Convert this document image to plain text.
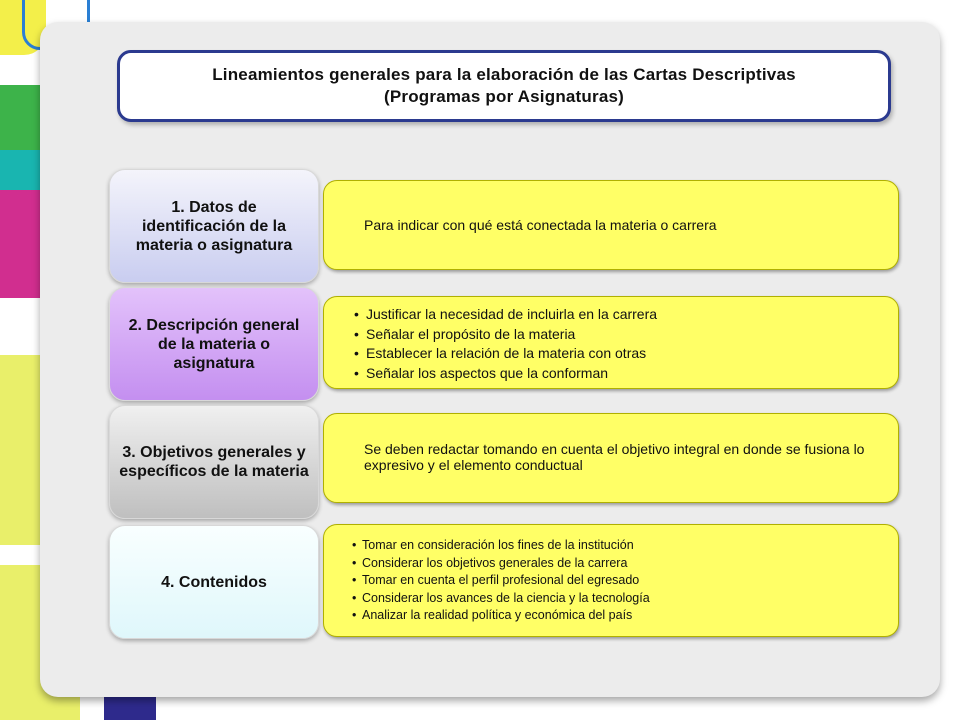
Lineamientos generales para la elaboración de las Cartas Descriptivas
(Programas por Asignaturas)
1. Datos de identificación de la materia o asignatura
Para indicar con qué está conectada la materia o carrera
2. Descripción general de la materia o asignatura
• Justificar la necesidad de incluirla en la carrera
• Señalar el propósito de la materia
• Establecer la relación de la materia con otras
• Señalar los aspectos que la conforman
3. Objetivos generales y específicos de la materia
Se deben redactar tomando en cuenta el objetivo integral en donde se fusiona lo expresivo y el elemento conductual
4. Contenidos
• Tomar en consideración los fines de la institución
• Considerar los objetivos generales de la carrera
• Tomar en cuenta el perfil profesional del egresado
• Considerar los avances de la ciencia y la tecnología
• Analizar la realidad política y económica del país
